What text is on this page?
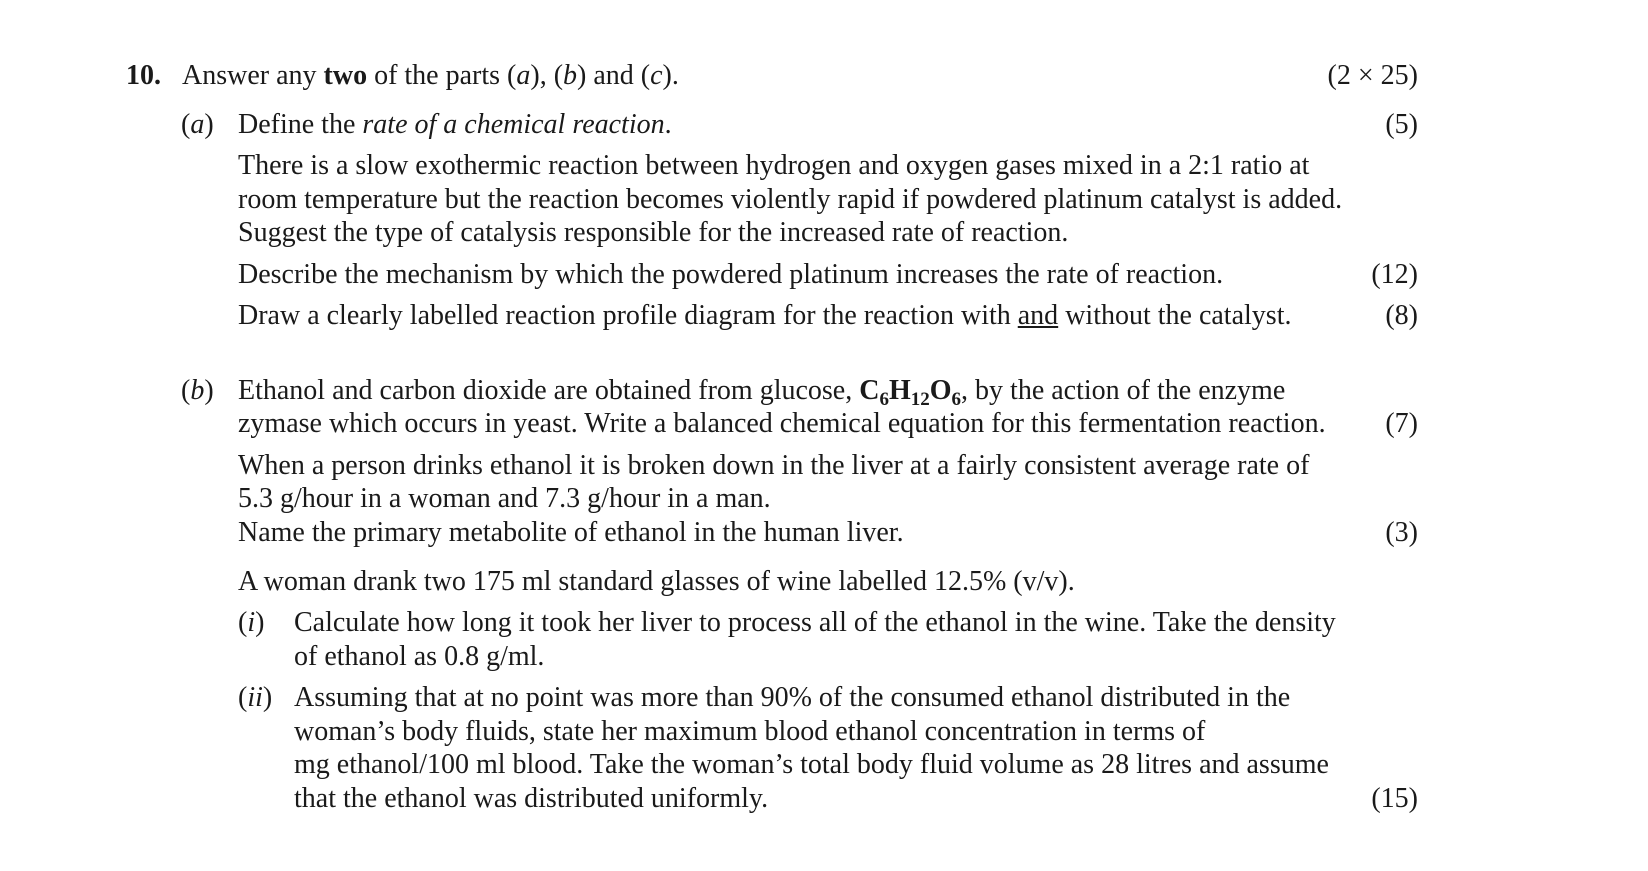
10. Answer any two of the parts (a), (b) and (c).	(2 × 25)
(a) Define the rate of a chemical reaction.	(5)
There is a slow exothermic reaction between hydrogen and oxygen gases mixed in a 2:1 ratio at
room temperature but the reaction becomes violently rapid if powdered platinum catalyst is added.
Suggest the type of catalysis responsible for the increased rate of reaction.
Describe the mechanism by which the powdered platinum increases the rate of reaction.	(12)
Draw a clearly labelled reaction profile diagram for the reaction with and without the catalyst.	(8)
(b) Ethanol and carbon dioxide are obtained from glucose, $C_6H_{12}O_6$, by the action of the enzyme
zymase which occurs in yeast. Write a balanced chemical equation for this fermentation reaction. (7)
When a person drinks ethanol it is broken down in the liver at a fairly consistent average rate of
5.3 g/hour in a woman and 7.3 g/hour in a man.
Name the primary metabolite of ethanol in the human liver.	(3)
A woman drank two 175 ml standard glasses of wine labelled 12.5% (v/v).
(i) Calculate how long it took her liver to process all of the ethanol in the wine. Take the density
of ethanol as 0.8 g/ml.
(ii) Assuming that at no point was more than 90% of the consumed ethanol distributed in the
woman’s body fluids, state her maximum blood ethanol concentration in terms of
mg ethanol/100 ml blood. Take the woman’s total body fluid volume as 28 litres and assume
that the ethanol was distributed uniformly.	(15)
